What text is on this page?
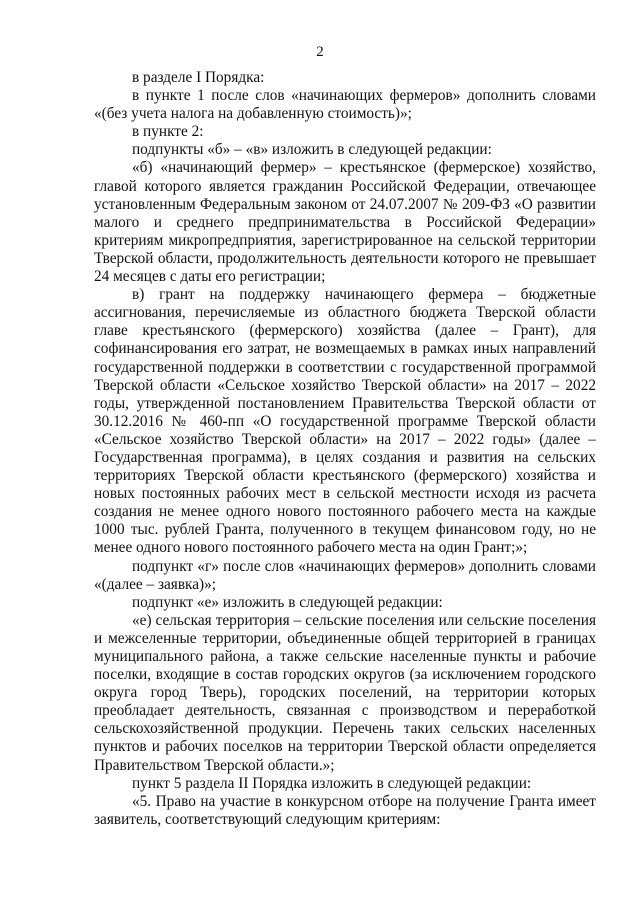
2

в разделе I Порядка:

в пункте 1 после слов «начинающих фермеров» дополнить словами «(без учета налога на добавленную стоимость)»;

в пункте 2:

подпункты «б» – «в» изложить в следующей редакции:

«б) «начинающий фермер» – крестьянское (фермерское) хозяйство, главой которого является гражданин Российской Федерации, отвечающее установленным Федеральным законом от 24.07.2007 № 209-ФЗ «О развитии малого и среднего предпринимательства в Российской Федерации» критериям микропредприятия, зарегистрированное на сельской территории Тверской области, продолжительность деятельности которого не превышает 24 месяцев с даты его регистрации;

в) грант на поддержку начинающего фермера – бюджетные ассигнования, перечисляемые из областного бюджета Тверской области главе крестьянского (фермерского) хозяйства (далее – Грант), для софинансирования его затрат, не возмещаемых в рамках иных направлений государственной поддержки в соответствии с государственной программой Тверской области «Сельское хозяйство Тверской области» на 2017 – 2022 годы, утвержденной постановлением Правительства Тверской области от 30.12.2016 № 460-пп «О государственной программе Тверской области «Сельское хозяйство Тверской области» на 2017 – 2022 годы» (далее – Государственная программа), в целях создания и развития на сельских территориях Тверской области крестьянского (фермерского) хозяйства и новых постоянных рабочих мест в сельской местности исходя из расчета создания не менее одного нового постоянного рабочего места на каждые 1000 тыс. рублей Гранта, полученного в текущем финансовом году, но не менее одного нового постоянного рабочего места на один Грант;»;

подпункт «г» после слов «начинающих фермеров» дополнить словами «(далее – заявка)»;

подпункт «е» изложить в следующей редакции:

«е) сельская территория – сельские поселения или сельские поселения и межселенные территории, объединенные общей территорией в границах муниципального района, а также сельские населенные пункты и рабочие поселки, входящие в состав городских округов (за исключением городского округа город Тверь), городских поселений, на территории которых преобладает деятельность, связанная с производством и переработкой сельскохозяйственной продукции. Перечень таких сельских населенных пунктов и рабочих поселков на территории Тверской области определяется Правительством Тверской области.»;

пункт 5 раздела II Порядка изложить в следующей редакции:

«5. Право на участие в конкурсном отборе на получение Гранта имеет заявитель, соответствующий следующим критериям:
